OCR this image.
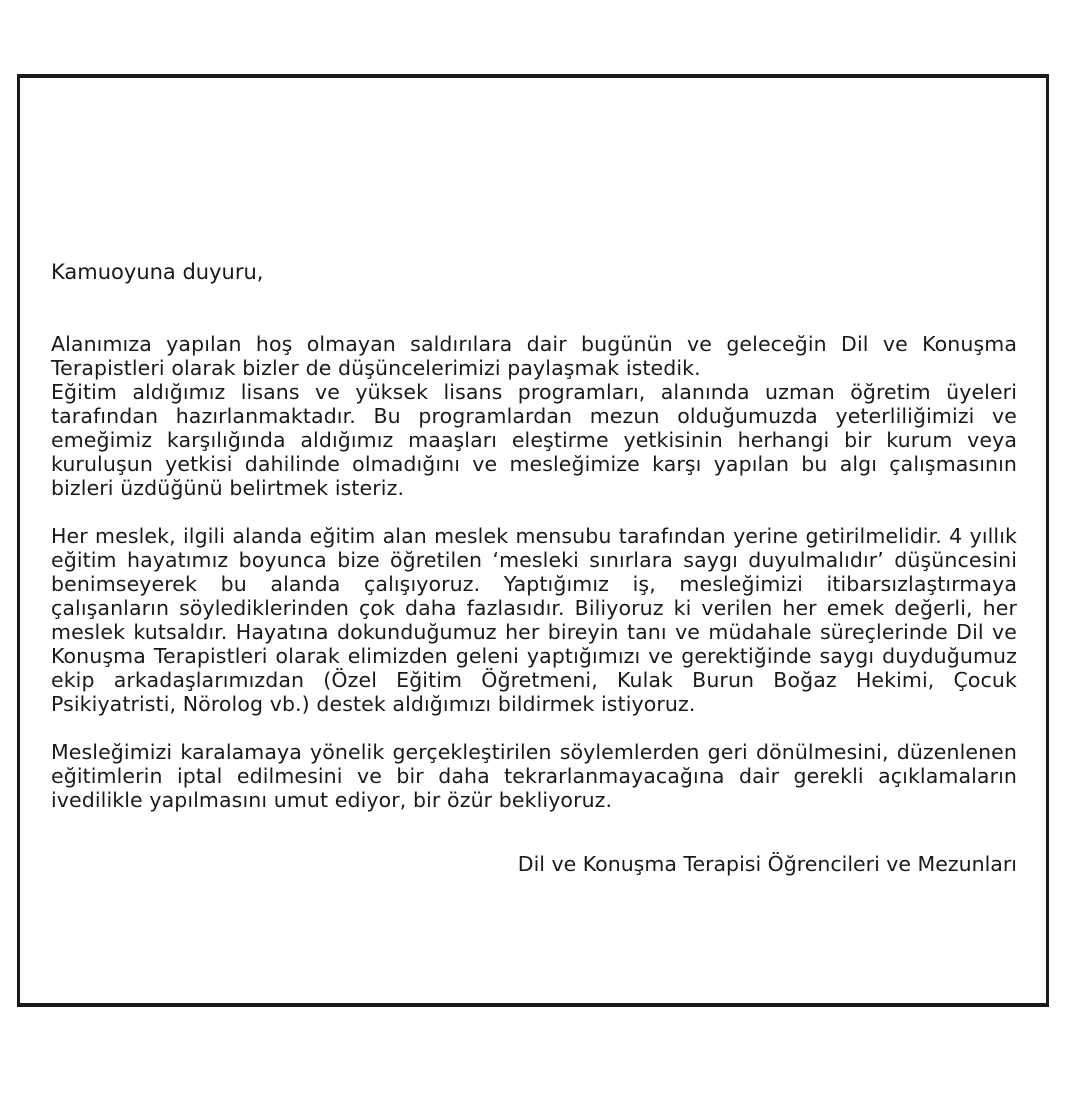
Kamuoyuna duyuru,

Alanımıza yapılan hoş olmayan saldırılara dair bugünün ve geleceğin Dil ve Konuşma Terapistleri olarak bizler de düşüncelerimizi paylaşmak istedik.

Eğitim aldığımız lisans ve yüksek lisans programları, alanında uzman öğretim üyeleri tarafından hazırlanmaktadır. Bu programlardan mezun olduğumuzda yeterliliğimizi ve emeğimiz karşılığında aldığımız maaşları eleştirme yetkisinin herhangi bir kurum veya kuruluşun yetkisi dahilinde olmadığını ve mesleğimize karşı yapılan bu algı çalışmasının bizleri üzdüğünü belirtmek isteriz.

Her meslek, ilgili alanda eğitim alan meslek mensubu tarafından yerine getirilmelidir. 4 yıllık eğitim hayatımız boyunca bize öğretilen ‘mesleki sınırlara saygı duyulmalıdır’ düşüncesini benimseyerek bu alanda çalışıyoruz. Yaptığımız iş, mesleğimizi itibarsızlaştırmaya çalışanların söylediklerinden çok daha fazlasıdır. Biliyoruz ki verilen her emek değerli, her meslek kutsaldır. Hayatına dokunduğumuz her bireyin tanı ve müdahale süreçlerinde Dil ve Konuşma Terapistleri olarak elimizden geleni yaptığımızı ve gerektiğinde saygı duyduğumuz ekip arkadaşlarımızdan (Özel Eğitim Öğretmeni, Kulak Burun Boğaz Hekimi, Çocuk Psikiyatristi, Nörolog vb.) destek aldığımızı bildirmek istiyoruz.

Mesleğimizi karalamaya yönelik gerçekleştirilen söylemlerden geri dönülmesini, düzenlenen eğitimlerin iptal edilmesini ve bir daha tekrarlanmayacağına dair gerekli açıklamaların ivedilikle yapılmasını umut ediyor, bir özür bekliyoruz.

Dil ve Konuşma Terapisi Öğrencileri ve Mezunları
